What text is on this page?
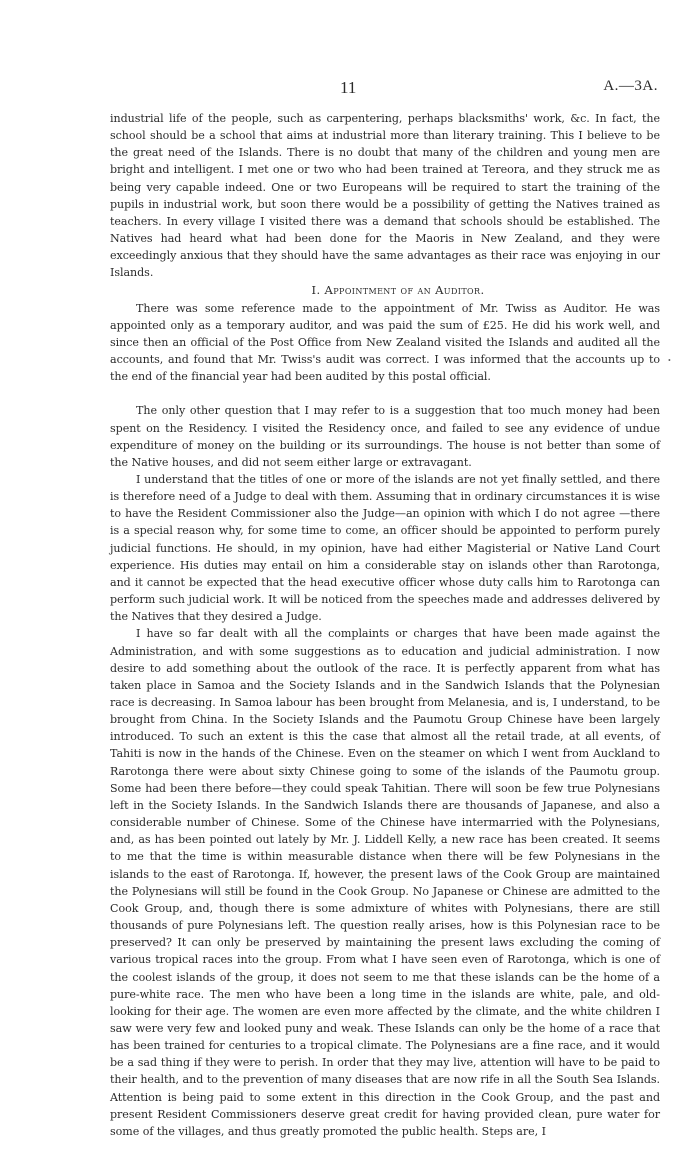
11	A.—3A.

industrial life of the people, such as carpentering, perhaps blacksmiths' work, &c. In fact, the school should be a school that aims at industrial more than literary training. This I believe to be the great need of the Islands. There is no doubt that many of the children and young men are bright and intelligent. I met one or two who had been trained at Tereora, and they struck me as being very capable indeed. One or two Europeans will be required to start the training of the pupils in industrial work, but soon there would be a possibility of getting the Natives trained as teachers. In every village I visited there was a demand that schools should be established. The Natives had heard what had been done for the Maoris in New Zealand, and they were exceedingly anxious that they should have the same advantages as their race was enjoying in our Islands.

I. Appointment of an Auditor.

There was some reference made to the appointment of Mr. Twiss as Auditor. He was appointed only as a temporary auditor, and was paid the sum of £25. He did his work well, and since then an official of the Post Office from New Zealand visited the Islands and audited all the accounts, and found that Mr. Twiss's audit was correct. I was informed that the accounts up to the end of the financial year had been audited by this postal official.

The only other question that I may refer to is a suggestion that too much money had been spent on the Residency. I visited the Residency once, and failed to see any evidence of undue expenditure of money on the building or its surroundings. The house is not better than some of the Native houses, and did not seem either large or extravagant.

I understand that the titles of one or more of the islands are not yet finally settled, and there is therefore need of a Judge to deal with them. Assuming that in ordinary circumstances it is wise to have the Resident Commissioner also the Judge—an opinion with which I do not agree —there is a special reason why, for some time to come, an officer should be appointed to perform purely judicial functions. He should, in my opinion, have had either Magisterial or Native Land Court experience. His duties may entail on him a considerable stay on islands other than Rarotonga, and it cannot be expected that the head executive officer whose duty calls him to Rarotonga can perform such judicial work. It will be noticed from the speeches made and addresses delivered by the Natives that they desired a Judge.

I have so far dealt with all the complaints or charges that have been made against the Administration, and with some suggestions as to education and judicial administration. I now desire to add something about the outlook of the race. It is perfectly apparent from what has taken place in Samoa and the Society Islands and in the Sandwich Islands that the Polynesian race is decreasing. In Samoa labour has been brought from Melanesia, and is, I understand, to be brought from China. In the Society Islands and the Paumotu Group Chinese have been largely introduced. To such an extent is this the case that almost all the retail trade, at all events, of Tahiti is now in the hands of the Chinese. Even on the steamer on which I went from Auckland to Rarotonga there were about sixty Chinese going to some of the islands of the Paumotu group. Some had been there before—they could speak Tahitian. There will soon be few true Polynesians left in the Society Islands. In the Sandwich Islands there are thousands of Japanese, and also a considerable number of Chinese. Some of the Chinese have intermarried with the Polynesians, and, as has been pointed out lately by Mr. J. Liddell Kelly, a new race has been created. It seems to me that the time is within measurable distance when there will be few Polynesians in the islands to the east of Rarotonga. If, however, the present laws of the Cook Group are maintained the Polynesians will still be found in the Cook Group. No Japanese or Chinese are admitted to the Cook Group, and, though there is some admixture of whites with Polynesians, there are still thousands of pure Polynesians left. The question really arises, how is this Polynesian race to be preserved? It can only be preserved by maintaining the present laws excluding the coming of various tropical races into the group. From what I have seen even of Rarotonga, which is one of the coolest islands of the group, it does not seem to me that these islands can be the home of a pure-white race. The men who have been a long time in the islands are white, pale, and old-looking for their age. The women are even more affected by the climate, and the white children I saw were very few and looked puny and weak. These Islands can only be the home of a race that has been trained for centuries to a tropical climate. The Polynesians are a fine race, and it would be a sad thing if they were to perish. In order that they may live, attention will have to be paid to their health, and to the prevention of many diseases that are now rife in all the South Sea Islands. Attention is being paid to some extent in this direction in the Cook Group, and the past and present Resident Commissioners deserve great credit for having provided clean, pure water for some of the villages, and thus greatly promoted the public health. Steps are, I

•
